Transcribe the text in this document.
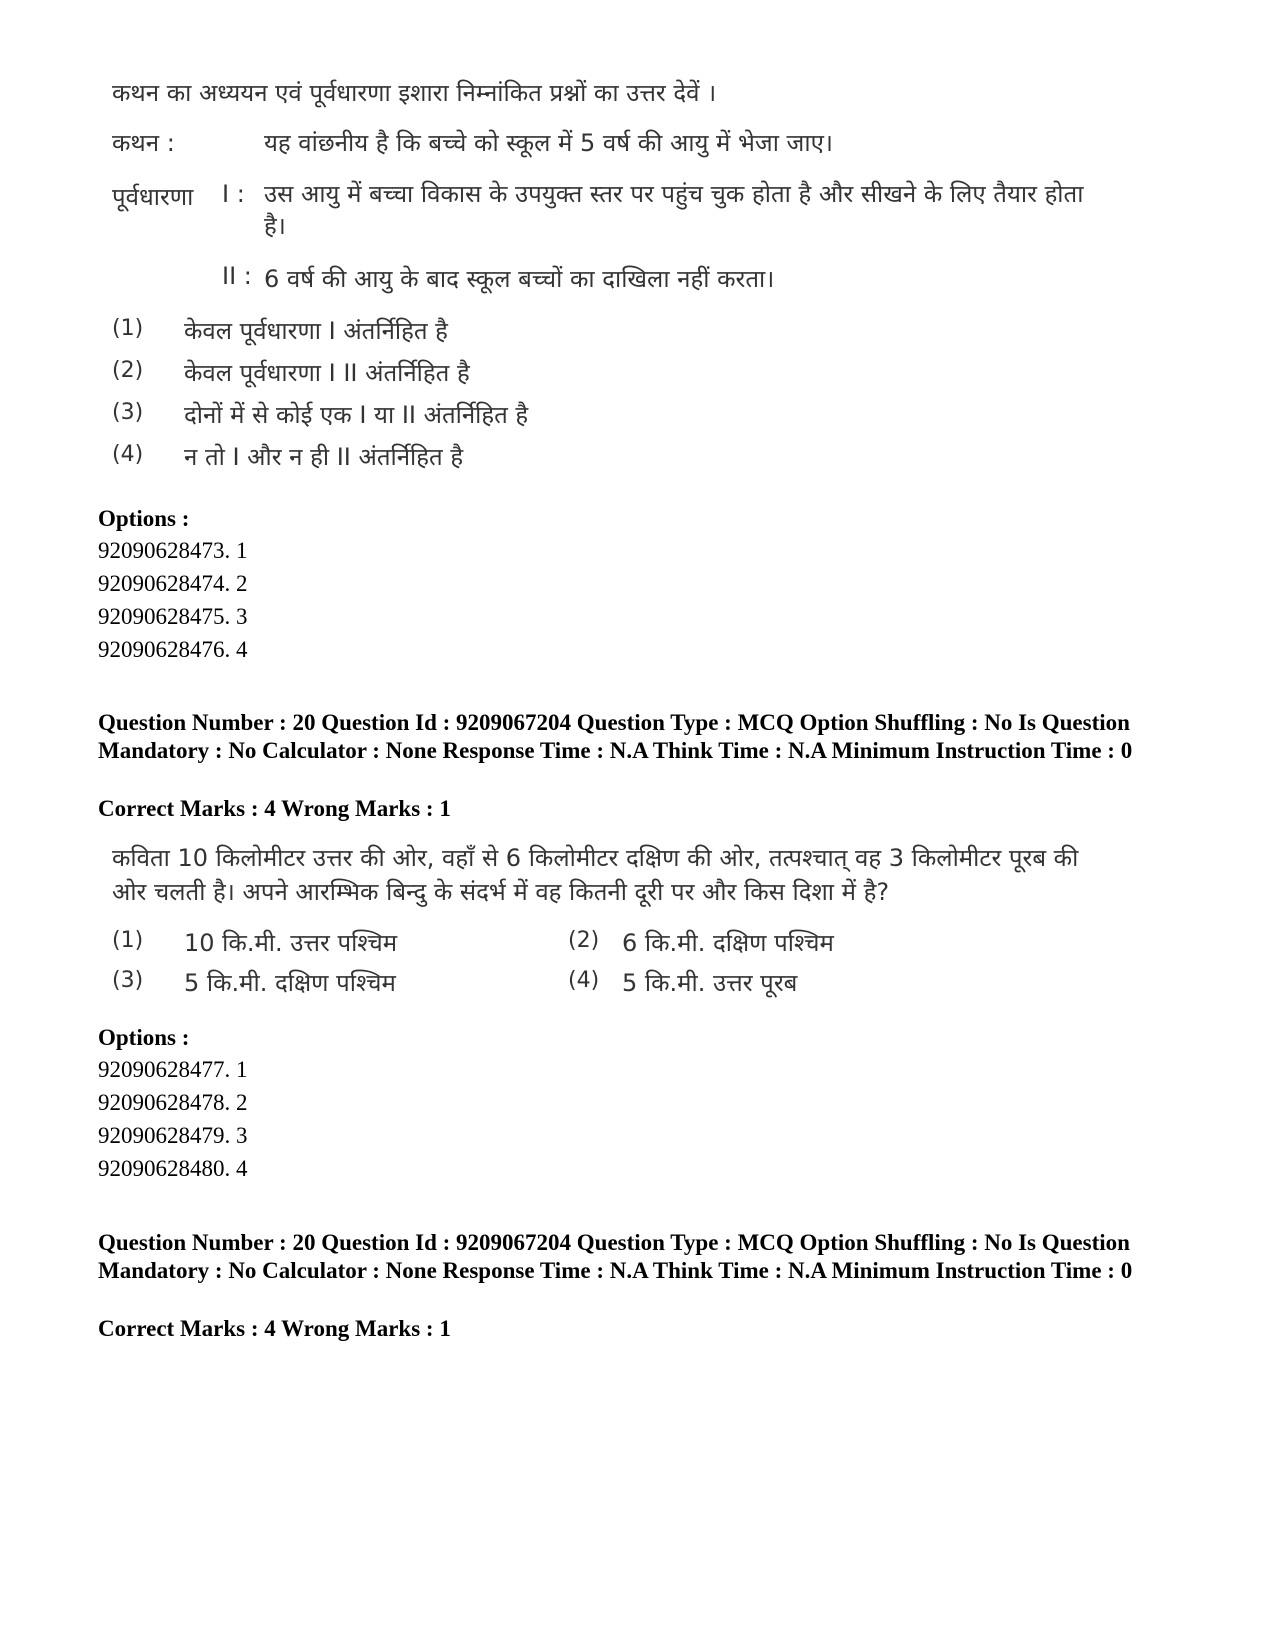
कथन का अध्ययन एवं पूर्वधारणा इशारा निम्नांकित प्रश्नों का उत्तर देवें ।
कथन :	यह वांछनीय है कि बच्चे को स्कूल में 5 वर्ष की आयु में भेजा जाए।
पूर्वधारणा I : उस आयु में बच्चा विकास के उपयुक्त स्तर पर पहुंच चुक होता है और सीखने के लिए तैयार होता है।
II : 6 वर्ष की आयु के बाद स्कूल बच्चों का दाखिला नहीं करता।
(1) केवल पूर्वधारणा I अंतर्निहित है
(2) केवल पूर्वधारणा I II अंतर्निहित है
(3) दोनों में से कोई एक I या II अंतर्निहित है
(4) न तो I और न ही II अंतर्निहित है
Options :
92090628473. 1
92090628474. 2
92090628475. 3
92090628476. 4
Question Number : 20 Question Id : 9209067204 Question Type : MCQ Option Shuffling : No Is Question Mandatory : No Calculator : None Response Time : N.A Think Time : N.A Minimum Instruction Time : 0
Correct Marks : 4 Wrong Marks : 1
कविता 10 किलोमीटर उत्तर की ओर, वहाँ से 6 किलोमीटर दक्षिण की ओर, तत्पश्चात् वह 3 किलोमीटर पूरब की ओर चलती है। अपने आरम्भिक बिन्दु के संदर्भ में वह कितनी दूरी पर और किस दिशा में है?
(1) 10 कि.मी. उत्तर पश्चिम	(2) 6 कि.मी. दक्षिण पश्चिम
(3) 5 कि.मी. दक्षिण पश्चिम	(4) 5 कि.मी. उत्तर पूरब
Options :
92090628477. 1
92090628478. 2
92090628479. 3
92090628480. 4
Question Number : 20 Question Id : 9209067204 Question Type : MCQ Option Shuffling : No Is Question Mandatory : No Calculator : None Response Time : N.A Think Time : N.A Minimum Instruction Time : 0
Correct Marks : 4 Wrong Marks : 1
